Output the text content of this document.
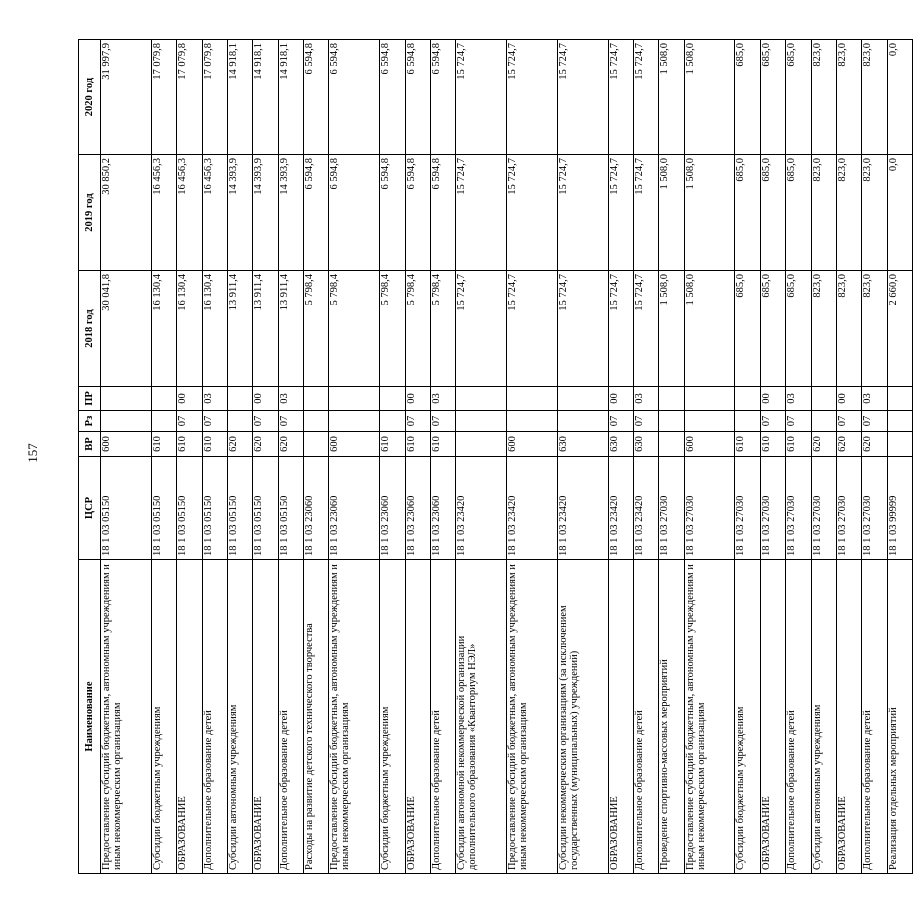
157
Наименование	ЦСР	ВР	Рз	ПР	2018 год	2019 год	2020 год
Предоставление субсидий бюджетным, автономным учреждениям и иным некоммерческим организациям	18 1 03 05150	600			30 041,8	30 850,2	31 997,9
Субсидии бюджетным учреждениям	18 1 03 05150	610			16 130,4	16 456,3	17 079,8
ОБРАЗОВАНИЕ	18 1 03 05150	610	07	00	16 130,4	16 456,3	17 079,8
Дополнительное образование детей	18 1 03 05150	610	07	03	16 130,4	16 456,3	17 079,8
Субсидии автономным учреждениям	18 1 03 05150	620			13 911,4	14 393,9	14 918,1
ОБРАЗОВАНИЕ	18 1 03 05150	620	07	00	13 911,4	14 393,9	14 918,1
Дополнительное образование детей	18 1 03 05150	620	07	03	13 911,4	14 393,9	14 918,1
Расходы на развитие детского технического творчества	18 1 03 23060				5 798,4	6 594,8	6 594,8
Предоставление субсидий бюджетным, автономным учреждениям и иным некоммерческим организациям	18 1 03 23060	600			5 798,4	6 594,8	6 594,8
Субсидии бюджетным учреждениям	18 1 03 23060	610			5 798,4	6 594,8	6 594,8
ОБРАЗОВАНИЕ	18 1 03 23060	610	07	00	5 798,4	6 594,8	6 594,8
Дополнительное образование детей	18 1 03 23060	610	07	03	5 798,4	6 594,8	6 594,8
Субсидии автономной некоммерческой организации дополнительного образования «Кванториум НЭЛ»	18 1 03 23420				15 724,7	15 724,7	15 724,7
Предоставление субсидий бюджетным, автономным учреждениям и иным некоммерческим организациям	18 1 03 23420	600			15 724,7	15 724,7	15 724,7
Субсидии некоммерческим организациям (за исключением государственных (муниципальных) учреждений)	18 1 03 23420	630			15 724,7	15 724,7	15 724,7
ОБРАЗОВАНИЕ	18 1 03 23420	630	07	00	15 724,7	15 724,7	15 724,7
Дополнительное образование детей	18 1 03 23420	630	07	03	15 724,7	15 724,7	15 724,7
Проведение спортивно-массовых мероприятий	18 1 03 27030				1 508,0	1 508,0	1 508,0
Предоставление субсидий бюджетным, автономным учреждениям и иным некоммерческим организациям	18 1 03 27030	600			1 508,0	1 508,0	1 508,0
Субсидии бюджетным учреждениям	18 1 03 27030	610			685,0	685,0	685,0
ОБРАЗОВАНИЕ	18 1 03 27030	610	07	00	685,0	685,0	685,0
Дополнительное образование детей	18 1 03 27030	610	07	03	685,0	685,0	685,0
Субсидии автономным учреждениям	18 1 03 27030	620			823,0	823,0	823,0
ОБРАЗОВАНИЕ	18 1 03 27030	620	07	00	823,0	823,0	823,0
Дополнительное образование детей	18 1 03 27030	620	07	03	823,0	823,0	823,0
Реализация отдельных мероприятий	18 1 03 99999				2 660,0	0,0	0,0
